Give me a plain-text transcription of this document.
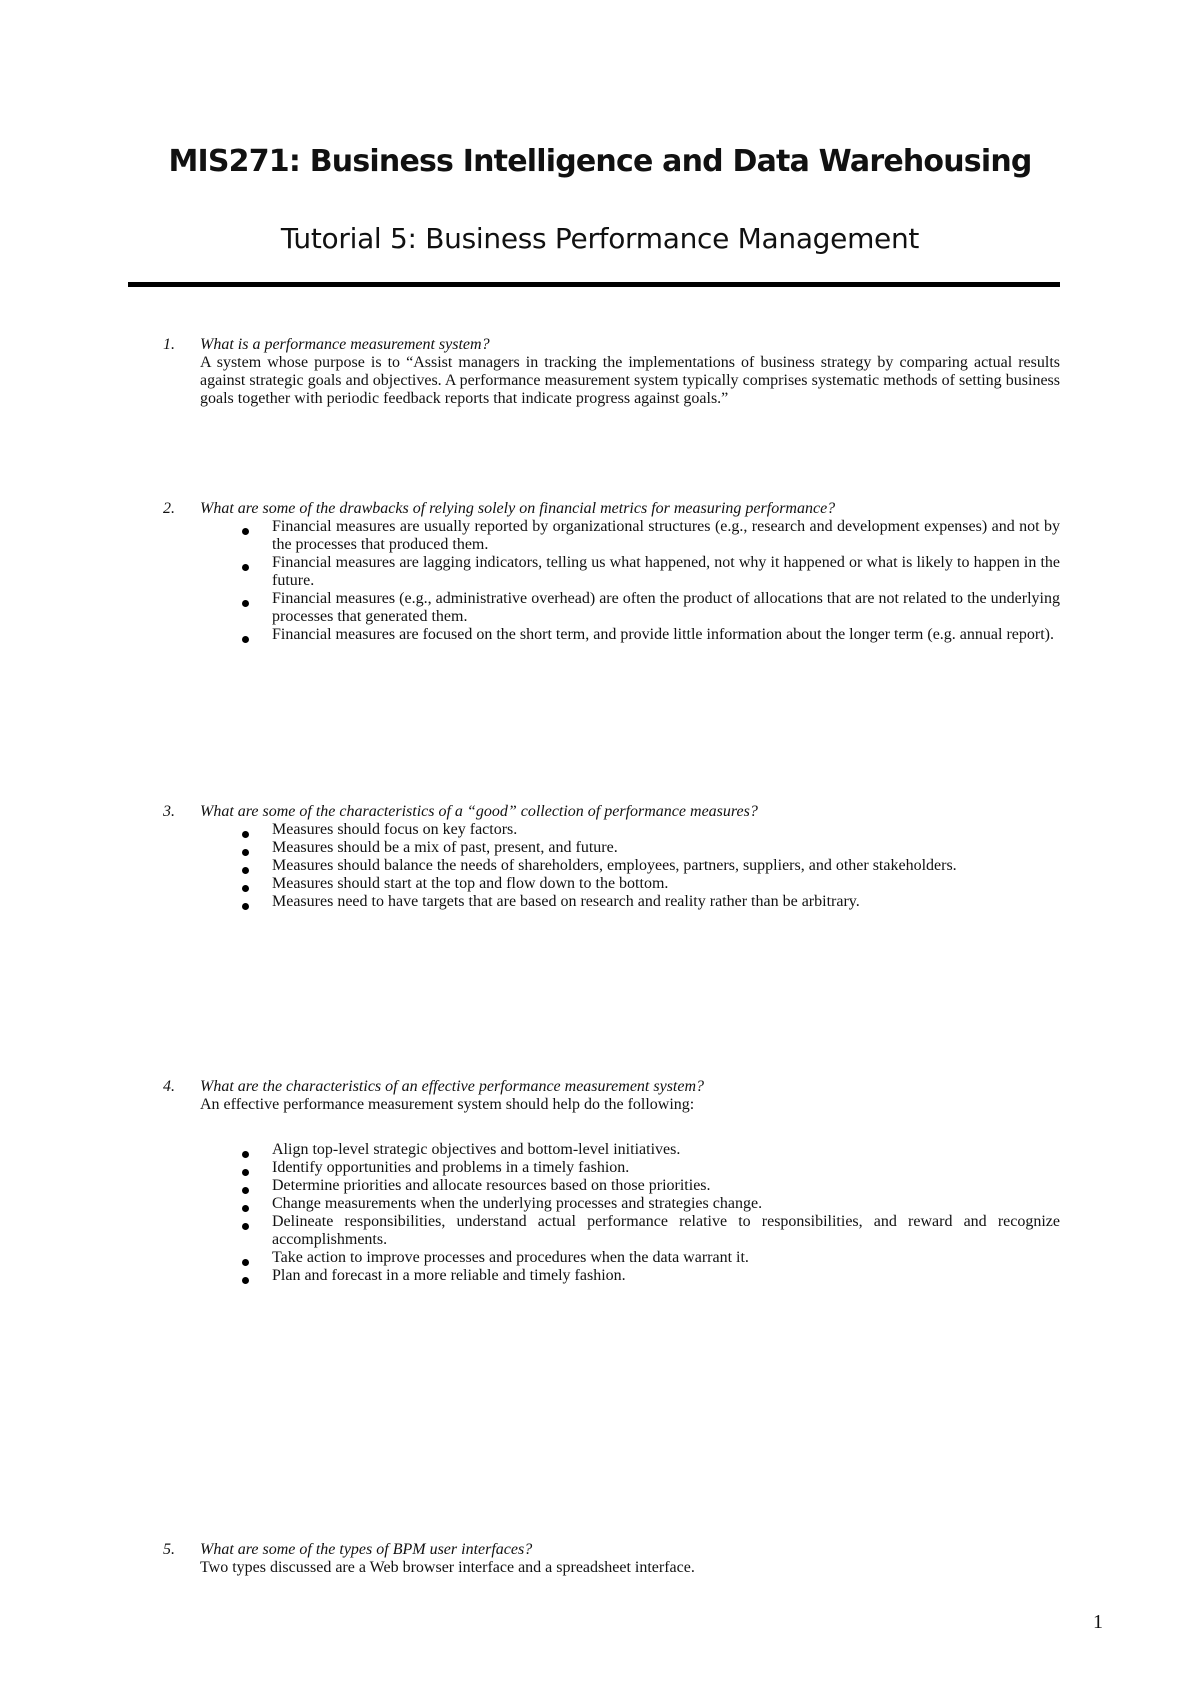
MIS271: Business Intelligence and Data Warehousing
Tutorial 5: Business Performance Management
1. What is a performance measurement system?
A system whose purpose is to “Assist managers in tracking the implementations of business strategy by comparing actual results against strategic goals and objectives. A performance measurement system typically comprises systematic methods of setting business goals together with periodic feedback reports that indicate progress against goals.”
2. What are some of the drawbacks of relying solely on financial metrics for measuring performance?
Financial measures are usually reported by organizational structures (e.g., research and development expenses) and not by the processes that produced them.
Financial measures are lagging indicators, telling us what happened, not why it happened or what is likely to happen in the future.
Financial measures (e.g., administrative overhead) are often the product of allocations that are not related to the underlying processes that generated them.
Financial measures are focused on the short term, and provide little information about the longer term (e.g. annual report).
3. What are some of the characteristics of a “good” collection of performance measures?
Measures should focus on key factors.
Measures should be a mix of past, present, and future.
Measures should balance the needs of shareholders, employees, partners, suppliers, and other stakeholders.
Measures should start at the top and flow down to the bottom.
Measures need to have targets that are based on research and reality rather than be arbitrary.
4. What are the characteristics of an effective performance measurement system?
An effective performance measurement system should help do the following:
Align top-level strategic objectives and bottom-level initiatives.
Identify opportunities and problems in a timely fashion.
Determine priorities and allocate resources based on those priorities.
Change measurements when the underlying processes and strategies change.
Delineate responsibilities, understand actual performance relative to responsibilities, and reward and recognize accomplishments.
Take action to improve processes and procedures when the data warrant it.
Plan and forecast in a more reliable and timely fashion.
5. What are some of the types of BPM user interfaces?
Two types discussed are a Web browser interface and a spreadsheet interface.
1
